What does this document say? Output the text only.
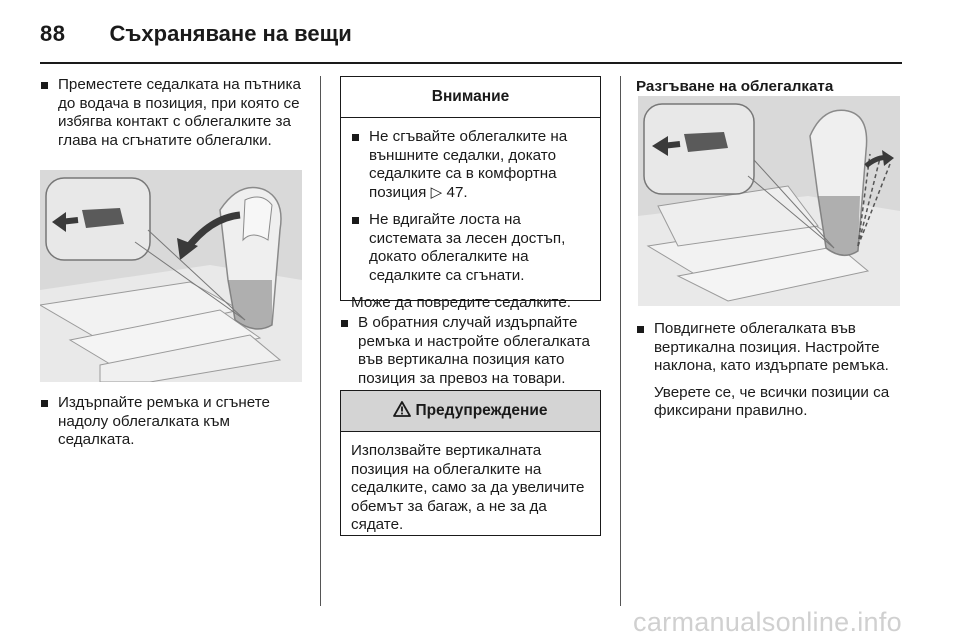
88 Съхраняване на вещи

Преместете седалката на пътника до водача в позиция, при която се избягва контакт с облегалките за глава на сгънатите облегалки.

Издърпайте ремъка и сгънете надолу облегалката към седалката.

Внимание

Не сгъвайте облегалките на външните седалки, докато седалките са в комфортна позиция ▷ 47.

Не вдигайте лоста на системата за лесен достъп, докато облегалките на седалките са сгънати.

Може да повредите седалките.

В обратния случай издърпайте ремъка и настройте облегалката във вертикална позиция като позиция за превоз на товари.

Предупреждение

Използвайте вертикалната позиция на облегалките на седалките, само за да увеличите обемът за багаж, а не за да сядате.

Разгъване на облегалката

Повдигнете облегалката във вертикална позиция. Настройте наклона, като издърпате ремъка.

Уверете се, че всички позиции са фиксирани правилно.

carmanualsonline.info
